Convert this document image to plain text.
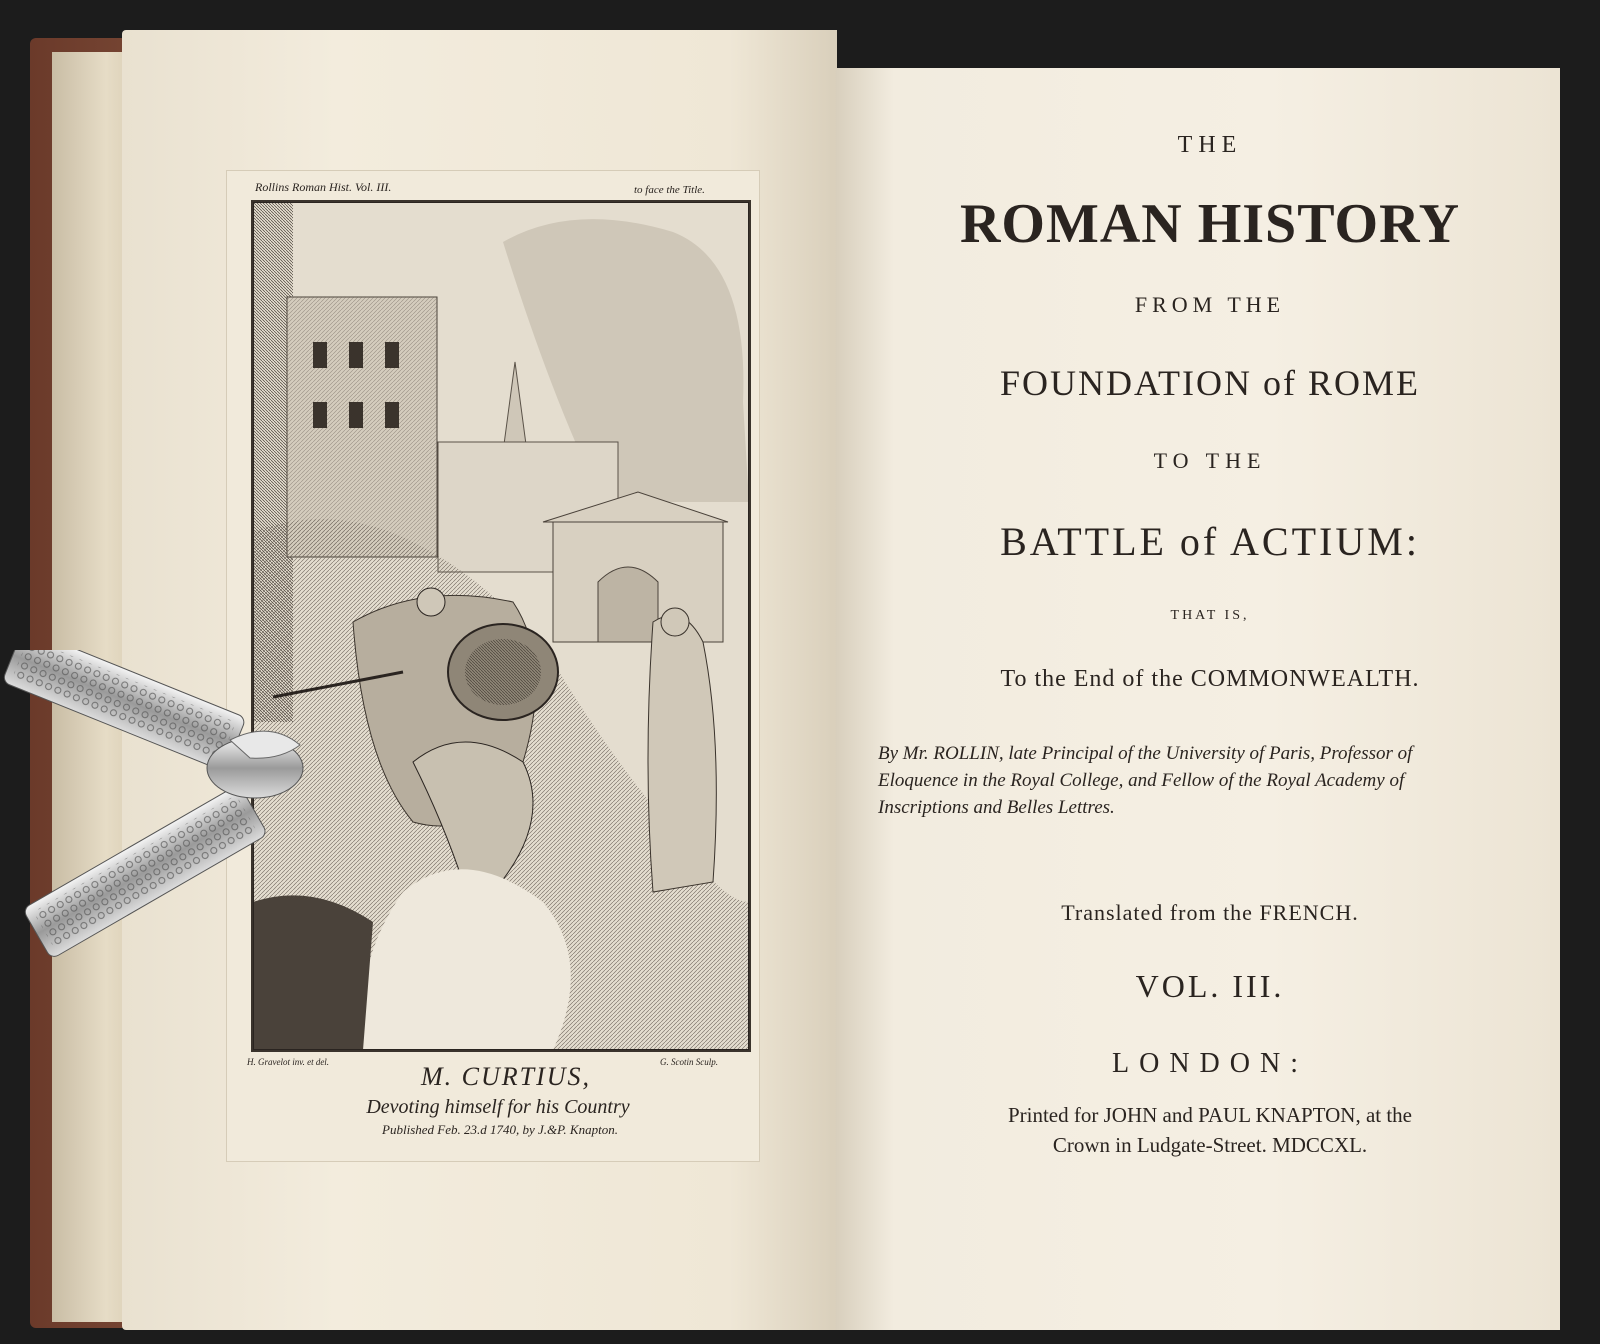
Rollins Roman Hist. Vol. III.	to face the Title.
H. Gravelot inv. et del.	G. Scotin Sculp.
M. CURTIUS,
Devoting himself for his Country
Published Feb. 23.d 1740, by J.&P. Knapton.
THE
ROMAN HISTORY
FROM THE
FOUNDATION of ROME
TO THE
BATTLE of ACTIUM:
THAT IS,
To the End of the COMMONWEALTH.
By Mr. ROLLIN, late Principal of the University of Paris, Professor of Eloquence in the Royal College, and Fellow of the Royal Academy of Inscriptions and Belles Lettres.
Translated from the FRENCH.
VOL. III.
LONDON:
Printed for JOHN and PAUL KNAPTON, at the
Crown in Ludgate-Street. MDCCXL.
